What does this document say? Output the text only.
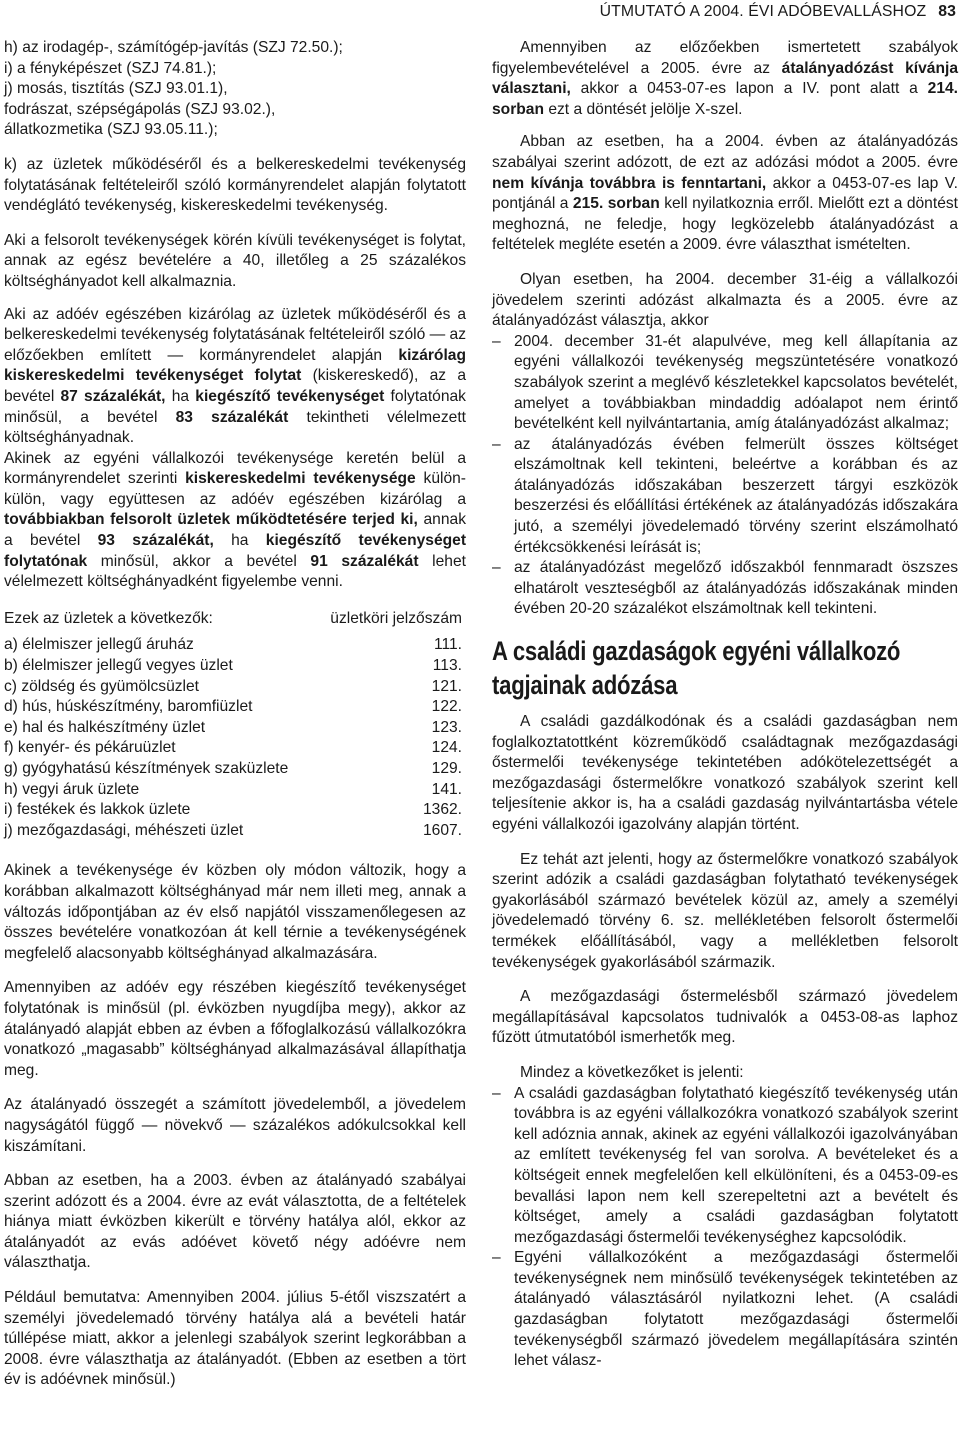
ÚTMUTATÓ A 2004. ÉVI ADÓBEVALLÁSHOZ 83

h) az irodagép-, számítógép-javítás (SZJ 72.50.);

i) a fényképészet (SZJ 74.81.);

j) mosás, tisztítás (SZJ 93.01.1),

fodrászat, szépségápolás (SZJ 93.02.),

állatkozmetika (SZJ 93.05.11.);

k) az üzletek működéséről és a belkereskedelmi tevékenység folytatásának feltételeiről szóló kormányrendelet alapján folytatott vendéglátó tevékenység, kiskereskedelmi tevékenység.

Aki a felsorolt tevékenységek körén kívüli tevékenységet is folytat, annak az egész bevételére a 40, illetőleg a 25 százalékos költséghányadot kell alkalmaznia.

Aki az adóév egészében kizárólag az üzletek működéséről és a belkereskedelmi tevékenység folytatásának feltételeiről szóló ― az előzőekben említett ― kormányrendelet alapján kizárólag kiskereskedelmi tevékenységet folytat (kiskereskedő), az a bevétel 87 százalékát, ha kiegészítő tevékenységet folytatónak minősül, a bevétel 83 százalékát tekintheti vélelmezett költséghányadnak.

Akinek az egyéni vállalkozói tevékenysége keretén belül a kormányrendelet szerinti kiskereskedelmi tevékenysége külön-külön, vagy együttesen az adóév egészében kizárólag a továbbiakban felsorolt üzletek működtetésére terjed ki, annak a bevétel 93 százalékát, ha kiegészítő tevékenységet folytatónak minősül, akkor a bevétel 91 százalékát lehet vélelmezett költséghányadként figyelembe venni.

Ezek az üzletek a következők:	üzletköri jelzőszám
a) élelmiszer jellegű áruház	111.
b) élelmiszer jellegű vegyes üzlet	113.
c) zöldség és gyümölcsüzlet	121.
d) hús, húskészítmény, baromfiüzlet	122.
e) hal és halkészítmény üzlet	123.
f) kenyér- és pékáruüzlet	124.
g) gyógyhatású készítmények szaküzlete	129.
h) vegyi áruk üzlete	141.
i) festékek és lakkok üzlete	1362.
j) mezőgazdasági, méhészeti üzlet	1607.

Akinek a tevékenysége év közben oly módon változik, hogy a korábban alkalmazott költséghányad már nem illeti meg, annak a változás időpontjában az év első napjától visszamenőlegesen az összes bevételére vonatkozóan át kell térnie a tevékenységének megfelelő alacsonyabb költséghányad alkalmazására.

Amennyiben az adóév egy részében kiegészítő tevékenységet folytatónak is minősül (pl. évközben nyugdíjba megy), akkor az átalányadó alapját ebben az évben a főfoglalkozású vállalkozókra vonatkozó „magasabb” költséghányad alkalmazásával állapíthatja meg.

Az átalányadó összegét a számított jövedelemből, a jövedelem nagyságától függő ― növekvő ― százalékos adókulcsokkal kell kiszámítani.

Abban az esetben, ha a 2003. évben az átalányadó szabályai szerint adózott és a 2004. évre az evát választotta, de a feltételek hiánya miatt évközben kikerült e törvény hatálya alól, ekkor az átalányadót az evás adóévet követő négy adóévre nem választhatja.

Például bemutatva: Amennyiben 2004. július 5-étől viszszatért a személyi jövedelemadó törvény hatálya alá a bevételi határ túllépése miatt, akkor a jelenlegi szabályok szerint legkorábban a 2008. évre választhatja az átalányadót. (Ebben az esetben a tört év is adóévnek minősül.)

Amennyiben az előzőekben ismertetett szabályok figyelembevételével a 2005. évre az átalányadózást kívánja választani, akkor a 0453-07-es lapon a IV. pont alatt a 214. sorban ezt a döntését jelölje X-szel.

Abban az esetben, ha a 2004. évben az átalányadózás szabályai szerint adózott, de ezt az adózási módot a 2005. évre nem kívánja továbbra is fenntartani, akkor a 0453-07-es lap V. pontjánál a 215. sorban kell nyilatkoznia erről. Mielőtt ezt a döntést meghozná, ne feledje, hogy legközelebb átalányadózást a feltételek megléte esetén a 2009. évre választhat ismételten.

Olyan esetben, ha 2004. december 31-éig a vállalkozói jövedelem szerinti adózást alkalmazta és a 2005. évre az átalányadózást választja, akkor

– 2004. december 31-ét alapulvéve, meg kell állapítania az egyéni vállalkozói tevékenység megszüntetésére vonatkozó szabályok szerint a meglévő készletekkel kapcsolatos bevételét, amelyet a továbbiakban mindaddig adóalapot nem érintő bevételként kell nyilvántartania, amíg átalányadózást alkalmaz;

– az átalányadózás évében felmerült összes költséget elszámoltnak kell tekinteni, beleértve a korábban és az átalányadózás időszakában beszerzett tárgyi eszközök beszerzési és előállítási értékének az átalányadózás időszakára jutó, a személyi jövedelemadó törvény szerint elszámolható értékcsökkenési leírását is;

– az átalányadózást megelőző időszakból fennmaradt öszszes elhatárolt veszteségből az átalányadózás időszakának minden évében 20-20 százalékot elszámoltnak kell tekinteni.

A családi gazdaságok egyéni vállalkozó tagjainak adózása

A családi gazdálkodónak és a családi gazdaságban nem foglalkoztatottként közreműködő családtagnak mezőgazdasági őstermelői tevékenysége tekintetében adókötelezettségét a mezőgazdasági őstermelőkre vonatkozó szabályok szerint kell teljesítenie akkor is, ha a családi gazdaság nyilvántartásba vétele egyéni vállalkozói igazolvány alapján történt.

Ez tehát azt jelenti, hogy az őstermelőkre vonatkozó szabályok szerint adózik a családi gazdaságban folytatható tevékenységek gyakorlásából származó bevételek közül az, amely a személyi jövedelemadó törvény 6. sz. mellékletében felsorolt őstermelői termékek előállításából, vagy a mellékletben felsorolt tevékenységek gyakorlásából származik.

A mezőgazdasági őstermelésből származó jövedelem megállapításával kapcsolatos tudnivalók a 0453-08-as laphoz fűzött útmutatóból ismerhetők meg.

Mindez a következőket is jelenti:

– A családi gazdaságban folytatható kiegészítő tevékenység után továbbra is az egyéni vállalkozókra vonatkozó szabályok szerint kell adóznia annak, akinek az egyéni vállalkozói igazolványában az említett tevékenység fel van sorolva. A bevételeket és a költségeit ennek megfelelően kell elkülöníteni, és a 0453-09-es bevallási lapon nem kell szerepeltetni azt a bevételt és költséget, amely a családi gazdaságban folytatott mezőgazdasági őstermelői tevékenységhez kapcsolódik.

– Egyéni vállalkozóként a mezőgazdasági őstermelői tevékenységnek nem minősülő tevékenységek tekintetében az átalányadó választásáról nyilatkozni lehet. (A családi gazdaságban folytatott mezőgazdasági őstermelői tevékenységből származó jövedelem megállapítására szintén lehet válasz-
